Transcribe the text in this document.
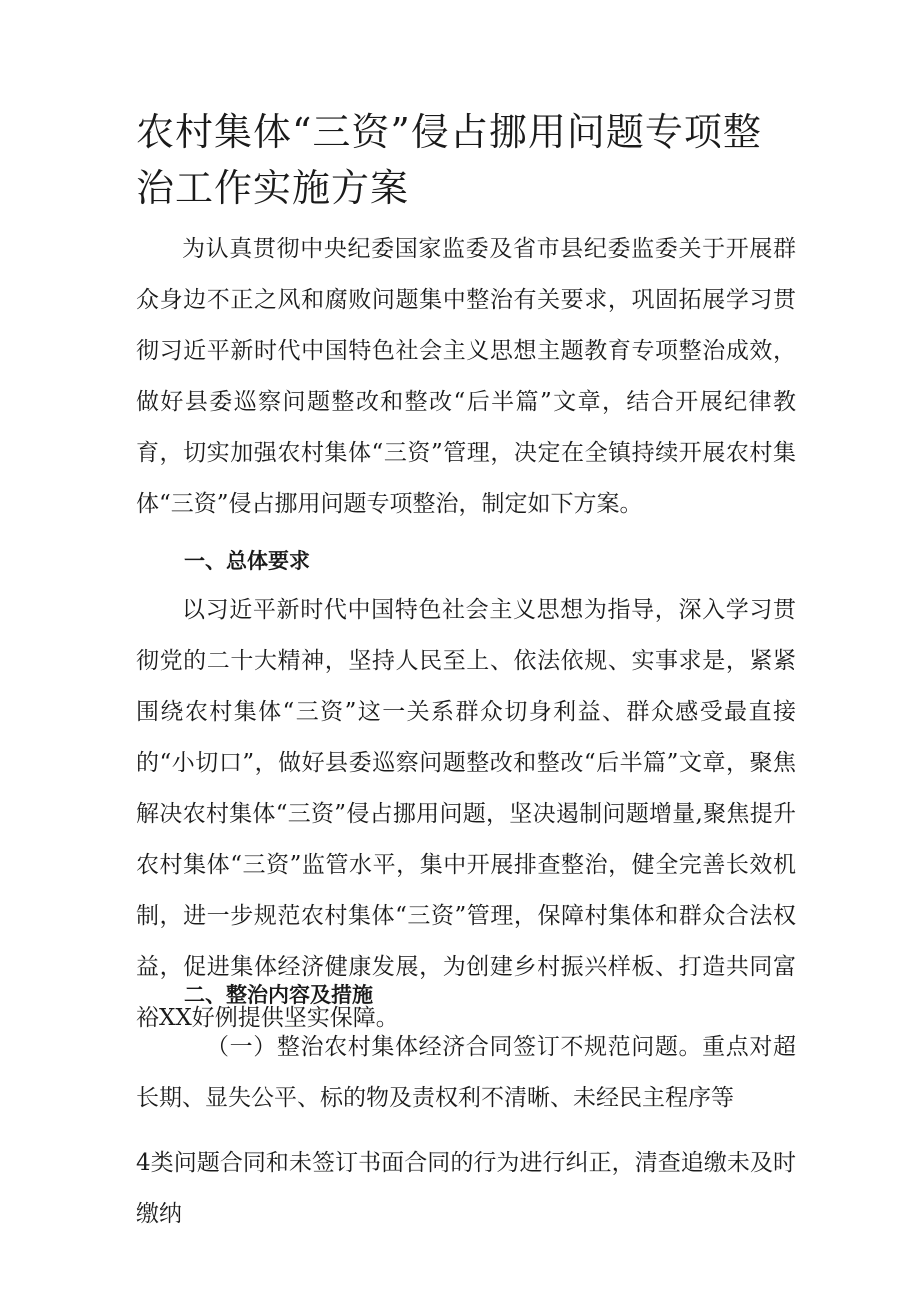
农村集体“三资”侵占挪用问题专项整治工作实施方案

为认真贯彻中央纪委国家监委及省市县纪委监委关于开展群众身边不正之风和腐败问题集中整治有关要求，巩固拓展学习贯彻习近平新时代中国特色社会主义思想主题教育专项整治成效，做好县委巡察问题整改和整改“后半篇”文章，结合开展纪律教育，切实加强农村集体“三资”管理，决定在全镇持续开展农村集体“三资”侵占挪用问题专项整治，制定如下方案。

一、总体要求

以习近平新时代中国特色社会主义思想为指导，深入学习贯彻党的二十大精神，坚持人民至上、依法依规、实事求是，紧紧围绕农村集体“三资”这一关系群众切身利益、群众感受最直接的“小切口”，做好县委巡察问题整改和整改“后半篇”文章，聚焦解决农村集体“三资”侵占挪用问题，坚决遏制问题增量,聚焦提升农村集体“三资”监管水平，集中开展排查整治，健全完善长效机制，进一步规范农村集体“三资”管理，保障村集体和群众合法权益，促进集体经济健康发展，为创建乡村振兴样板、打造共同富裕XX好例提供坚实保障。

二、整治内容及措施

（一）整治农村集体经济合同签订不规范问题。重点对超长期、显失公平、标的物及责权利不清晰、未经民主程序等

4类问题合同和未签订书面合同的行为进行纠正，清查追缴未及时缴纳
